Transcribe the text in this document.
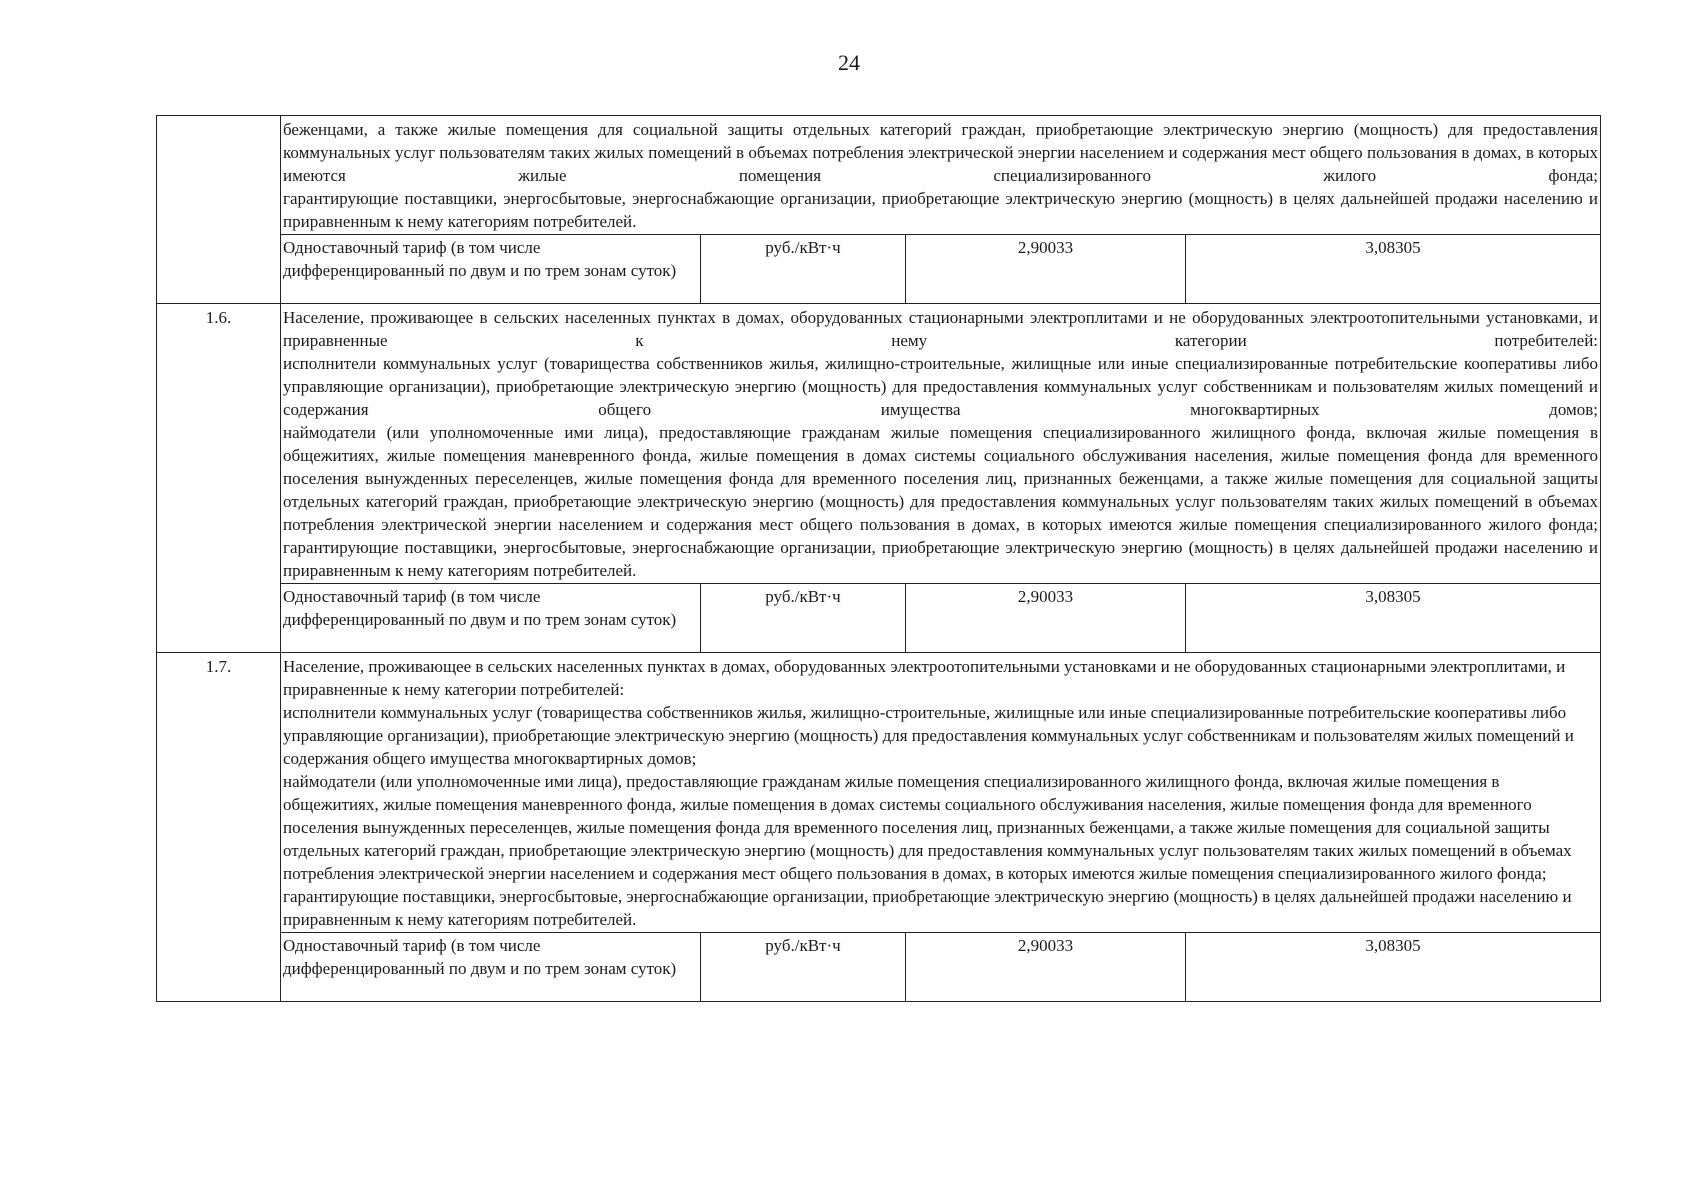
24

	беженцами, а также жилые помещения для социальной защиты отдельных категорий граждан, приобретающие электрическую энергию (мощность) для предоставления коммунальных услуг пользователям таких жилых помещений в объемах потребления электрической энергии населением и содержания мест общего пользования в домах, в которых имеются жилые помещения специализированного жилого фонда;

гарантирующие поставщики, энергосбытовые, энергоснабжающие организации, приобретающие электрическую энергию (мощность) в целях дальнейшей продажи населению и приравненным к нему категориям потребителей.			

	Одноставочный тариф (в том числе дифференцированный по двум и по трем зонам суток)	руб./кВт·ч	2,90033	3,08305
1.6.	Население, проживающее в сельских населенных пунктах в домах, оборудованных стационарными электроплитами и не оборудованных электроотопительными установками, и приравненные к нему категории потребителей:

исполнители коммунальных услуг (товарищества собственников жилья, жилищно-строительные, жилищные или иные специализированные потребительские кооперативы либо управляющие организации), приобретающие электрическую энергию (мощность) для предоставления коммунальных услуг собственникам и пользователям жилых помещений и содержания общего имущества многоквартирных домов;

наймодатели (или уполномоченные ими лица), предоставляющие гражданам жилые помещения специализированного жилищного фонда, включая жилые помещения в общежитиях, жилые помещения маневренного фонда, жилые помещения в домах системы социального обслуживания населения, жилые помещения фонда для временного поселения вынужденных переселенцев, жилые помещения фонда для временного поселения лиц, признанных беженцами, а также жилые помещения для социальной защиты отдельных категорий граждан, приобретающие электрическую энергию (мощность) для предоставления коммунальных услуг пользователям таких жилых помещений в объемах потребления электрической энергии населением и содержания мест общего пользования в домах, в которых имеются жилые помещения специализированного жилого фонда;

гарантирующие поставщики, энергосбытовые, энергоснабжающие организации, приобретающие электрическую энергию (мощность) в целях дальнейшей продажи населению и приравненным к нему категориям потребителей.			

	Одноставочный тариф (в том числе дифференцированный по двум и по трем зонам суток)	руб./кВт·ч	2,90033	3,08305
1.7.	Население, проживающее в сельских населенных пунктах в домах, оборудованных электроотопительными установками и не оборудованных стационарными электроплитами, и приравненные к нему категории потребителей:

исполнители коммунальных услуг (товарищества собственников жилья, жилищно-строительные, жилищные или иные специализированные потребительские кооперативы либо управляющие организации), приобретающие электрическую энергию (мощность) для предоставления коммунальных услуг собственникам и пользователям жилых помещений и содержания общего имущества многоквартирных домов;

наймодатели (или уполномоченные ими лица), предоставляющие гражданам жилые помещения специализированного жилищного фонда, включая жилые помещения в общежитиях, жилые помещения маневренного фонда, жилые помещения в домах системы социального обслуживания населения, жилые помещения фонда для временного поселения вынужденных переселенцев, жилые помещения фонда для временного поселения лиц, признанных беженцами, а также жилые помещения для социальной защиты отдельных категорий граждан, приобретающие электрическую энергию (мощность) для предоставления коммунальных услуг пользователям таких жилых помещений в объемах потребления электрической энергии населением и содержания мест общего пользования в домах, в которых имеются жилые помещения специализированного жилого фонда;

гарантирующие поставщики, энергосбытовые, энергоснабжающие организации, приобретающие электрическую энергию (мощность) в целях дальнейшей продажи населению и приравненным к нему категориям потребителей.			

	Одноставочный тариф (в том числе дифференцированный по двум и по трем зонам суток)	руб./кВт·ч	2,90033	3,08305
